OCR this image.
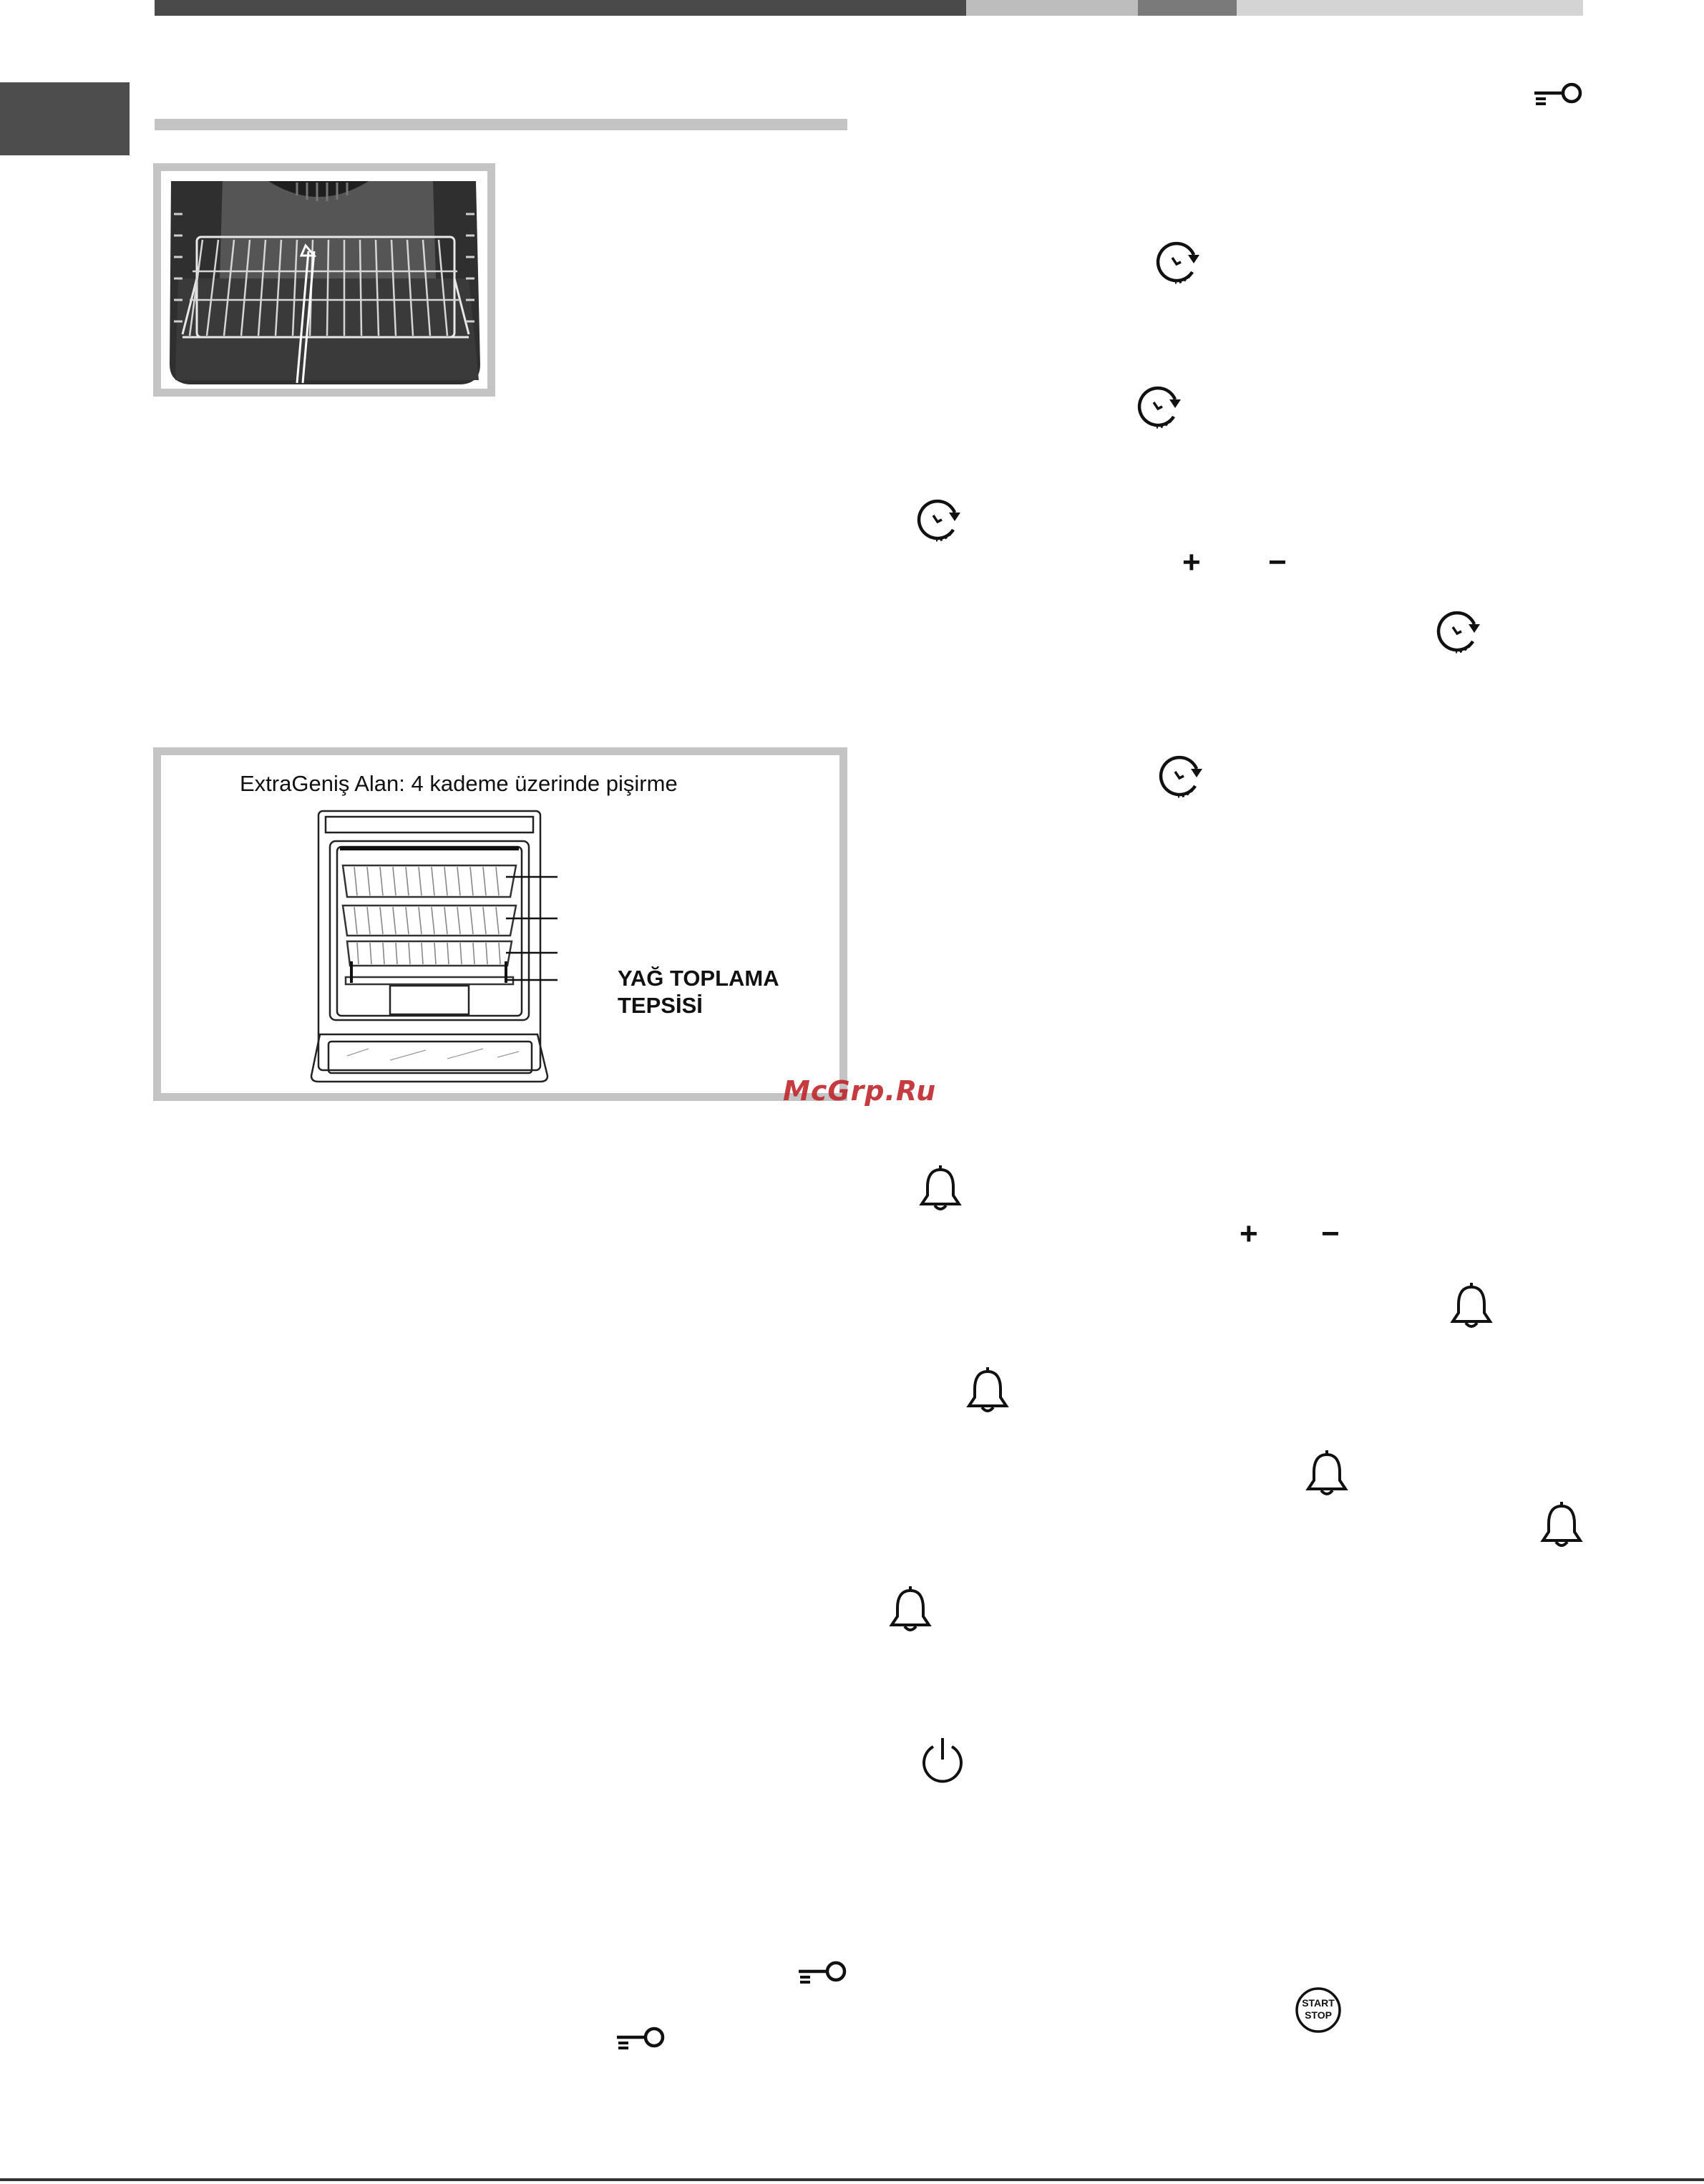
ExtraGeniş Alan: 4 kademe üzerinde pişirme
YAĞ TOPLAMA
TEPSİSİ
McGrp.Ru
+ −
+ −
START
STOP
